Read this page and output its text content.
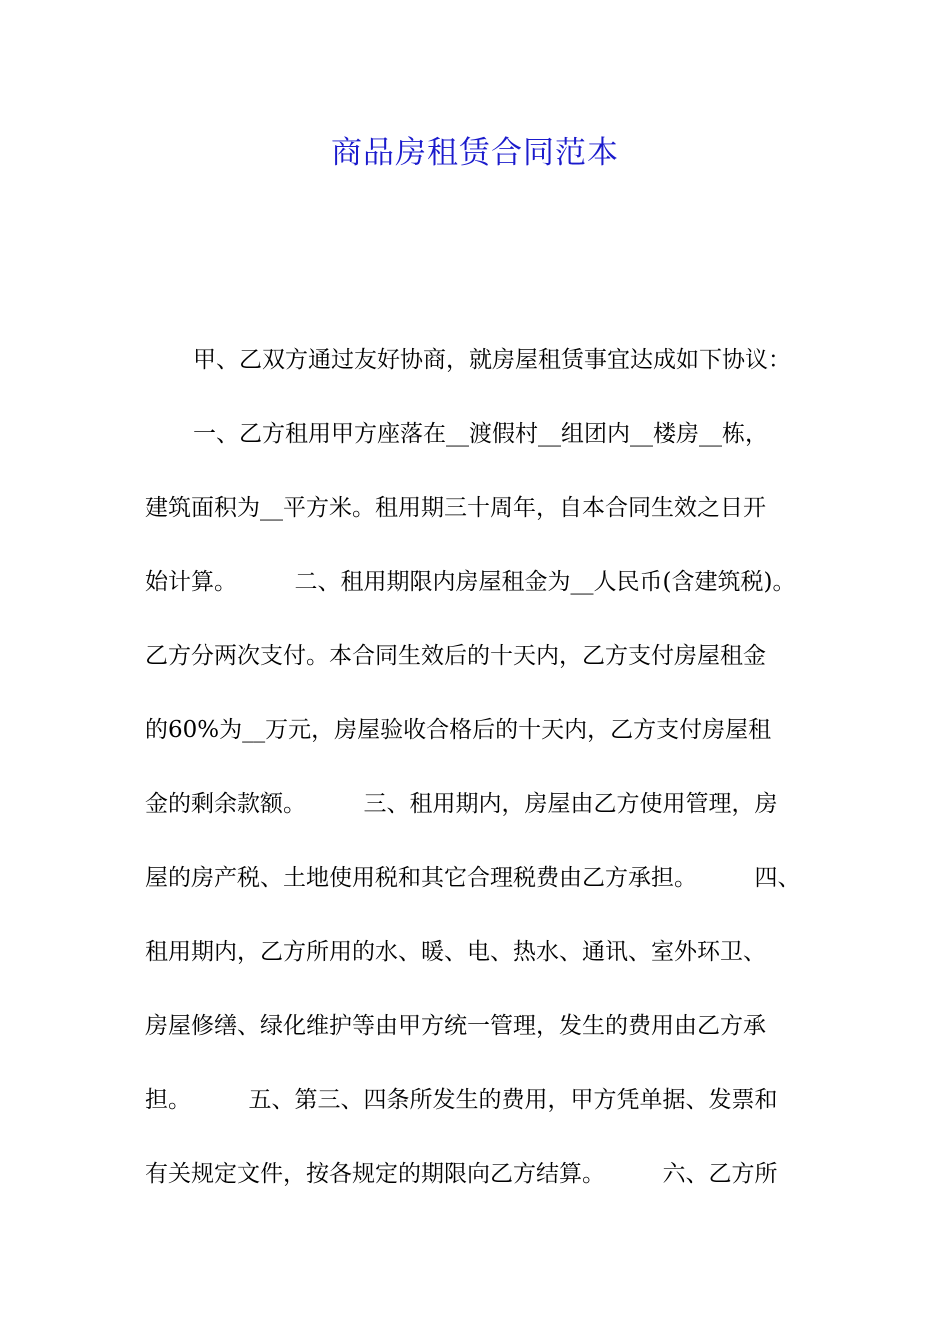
商品房租赁合同范本
甲、乙双方通过友好协商，就房屋租赁事宜达成如下协议：
一、乙方租用甲方座落在__渡假村__组团内__楼房__栋，
建筑面积为__平方米。租用期三十周年，自本合同生效之日开
始计算。　　　二、租用期限内房屋租金为__人民币(含建筑税)。
乙方分两次支付。本合同生效后的十天内，乙方支付房屋租金
的60%为__万元，房屋验收合格后的十天内，乙方支付房屋租
金的剩余款额。　　　三、租用期内，房屋由乙方使用管理，房
屋的房产税、土地使用税和其它合理税费由乙方承担。　　　四、
租用期内，乙方所用的水、暖、电、热水、通讯、室外环卫、
房屋修缮、绿化维护等由甲方统一管理，发生的费用由乙方承
担。　　　五、第三、四条所发生的费用，甲方凭单据、发票和
有关规定文件，按各规定的期限向乙方结算。　　　六、乙方所
